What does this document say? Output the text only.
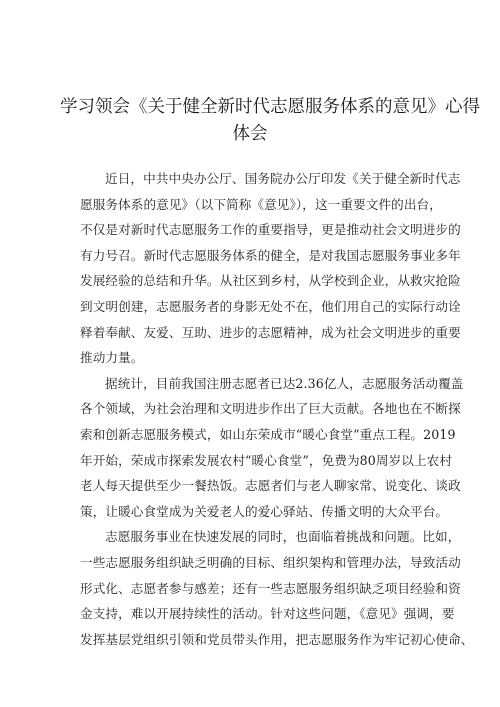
学习领会《关于健全新时代志愿服务体系的意见》心得
体会
近日，中共中央办公厅、国务院办公厅印发《关于健全新时代志
愿服务体系的意见》（以下简称《意见》），这一重要文件的出台，
不仅是对新时代志愿服务工作的重要指导，更是推动社会文明进步的
有力号召。新时代志愿服务体系的健全，是对我国志愿服务事业多年
发展经验的总结和升华。从社区到乡村，从学校到企业，从救灾抢险
到文明创建，志愿服务者的身影无处不在，他们用自己的实际行动诠
释着奉献、友爱、互助、进步的志愿精神，成为社会文明进步的重要
推动力量。
据统计，目前我国注册志愿者已达2.36亿人，志愿服务活动覆盖
各个领域，为社会治理和文明进步作出了巨大贡献。各地也在不断探
索和创新志愿服务模式，如山东荣成市“暖心食堂”重点工程。2019
年开始，荣成市探索发展农村“暖心食堂”，免费为80周岁以上农村
老人每天提供至少一餐热饭。志愿者们与老人聊家常、说变化、谈政
策，让暖心食堂成为关爱老人的爱心驿站、传播文明的大众平台。
志愿服务事业在快速发展的同时，也面临着挑战和问题。比如，
一些志愿服务组织缺乏明确的目标、组织架构和管理办法，导致活动
形式化、志愿者参与感差；还有一些志愿服务组织缺乏项目经验和资
金支持，难以开展持续性的活动。针对这些问题，《意见》强调，要
发挥基层党组织引领和党员带头作用，把志愿服务作为牢记初心使命、
